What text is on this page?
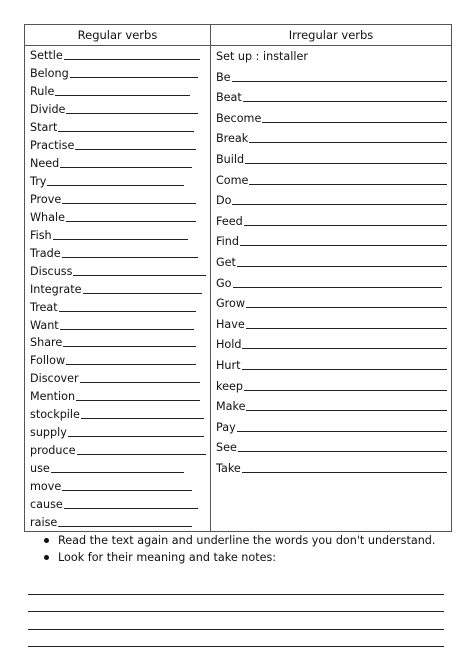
Regular verbs
Settle
Belong
Rule
Divide
Start
Practise
Need
Try
Prove
Whale
Fish
Trade
Discuss
Integrate
Treat
Want
Share
Follow
Discover
Mention
stockpile
supply
produce
use
move
cause
raise
Irregular verbs
Set up : installer
Be
Beat
Become
Break
Build
Come
Do
Feed
Find
Get
Go
Grow
Have
Hold
Hurt
keep
Make
Pay
See
Take
Read the text again and underline the words you don't understand.
Look for their meaning and take notes:
